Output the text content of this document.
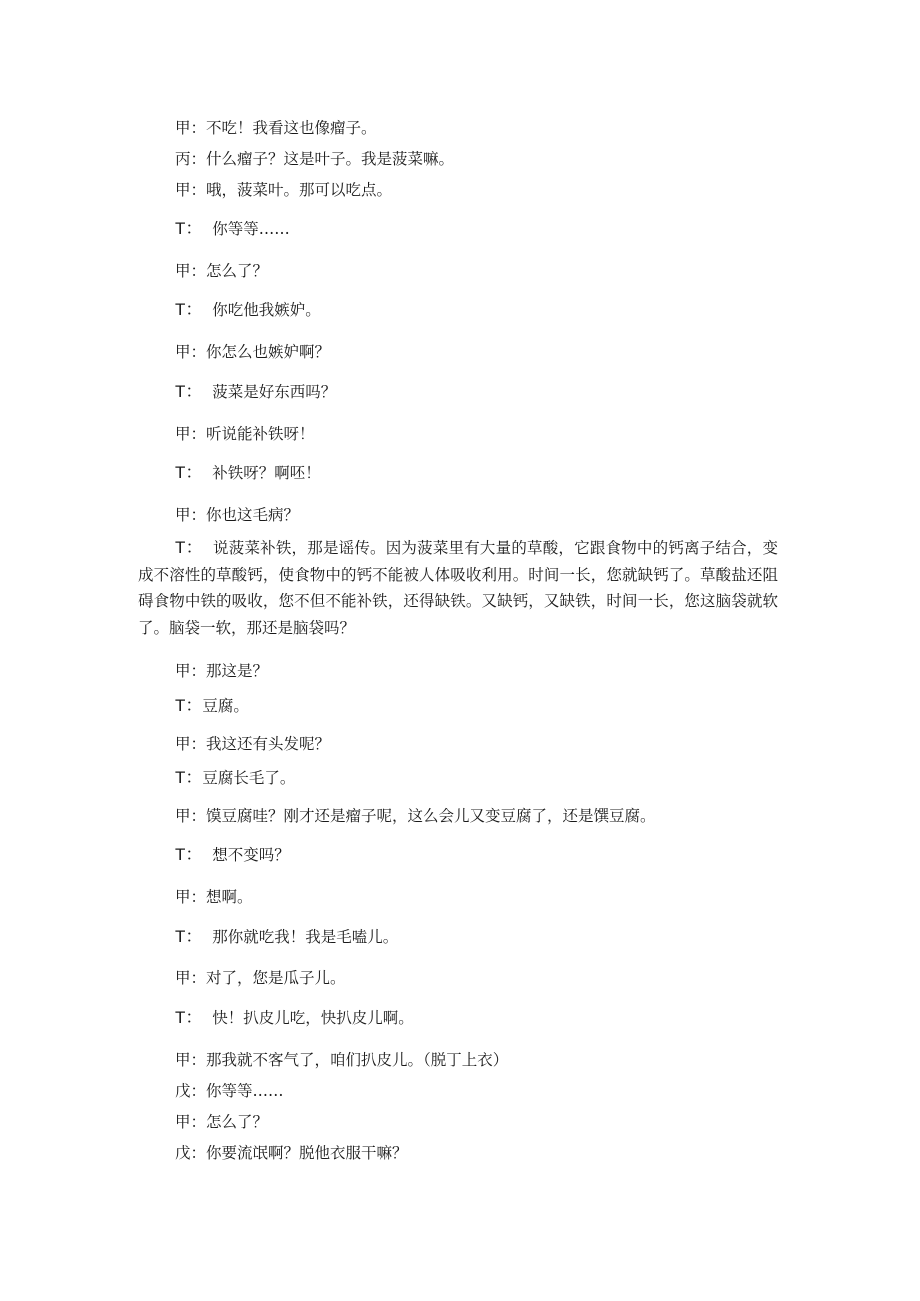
甲：不吃！我看这也像瘤子。
丙：什么瘤子？这是叶子。我是菠菜嘛。
甲：哦，菠菜叶。那可以吃点。
T：  你等等……
甲：怎么了？
T：  你吃他我嫉妒。
甲：你怎么也嫉妒啊？
T：  菠菜是好东西吗？
甲：听说能补铁呀！
T：  补铁呀？啊呸！
甲：你也这毛病？
T：  说菠菜补铁，那是谣传。因为菠菜里有大量的草酸，它跟食物中的钙离子结合，变成不溶性的草酸钙，使食物中的钙不能被人体吸收利用。时间一长，您就缺钙了。草酸盐还阻碍食物中铁的吸收，您不但不能补铁，还得缺铁。又缺钙，又缺铁，时间一长，您这脑袋就软了。脑袋一软，那还是脑袋吗？
甲：那这是？
T：豆腐。
甲：我这还有头发呢？
T：豆腐长毛了。
甲：馍豆腐哇？刚才还是瘤子呢，这么会儿又变豆腐了，还是馔豆腐。
T：  想不变吗？
甲：想啊。
T：  那你就吃我！我是毛嗑儿。
甲：对了，您是瓜子儿。
T：  快！扒皮儿吃，快扒皮儿啊。
甲：那我就不客气了，咱们扒皮儿。（脱丁上衣）
戊：你等等……
甲：怎么了？
戊：你要流氓啊？脱他衣服干嘛？
